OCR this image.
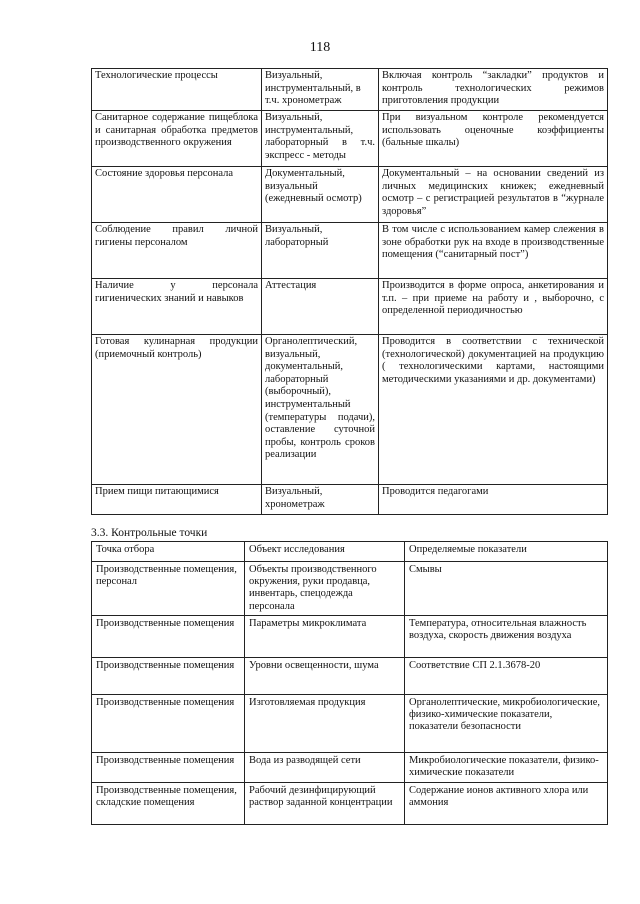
118
Технологические процессы	Визуальный, инструментальный, в т.ч. хронометраж	Включая контроль “закладки” продуктов и контроль технологических режимов приготовления продукции
Санитарное содержание пищеблока и санитарная обработка предметов производственного окружения	Визуальный, инструментальный, лабораторный в т.ч. экспресс - методы	При визуальном контроле рекомендуется использовать оценочные коэффициенты (бальные шкалы)
Состояние здоровья персонала	Документальный, визуальный (ежедневный осмотр)	Документальный – на основании сведений из личных медицинских книжек; ежедневный осмотр – с регистрацией результатов в “журнале здоровья”
Соблюдение правил личной гигиены персоналом	Визуальный, лабораторный	В том числе с использованием камер слежения в зоне обработки рук на входе в производственные помещения (“санитарный пост”)
Наличие у персонала гигиенических знаний и навыков	Аттестация	Производится в форме опроса, анкетирования и т.п. – при приеме на работу и , выборочно, с определенной периодичностью
Готовая кулинарная продукции (приемочный контроль)	Органолептический, визуальный, документальный, лабораторный (выборочный), инструментальный (температуры подачи), оставление суточной пробы, контроль сроков реализации	Проводится в соответствии с технической (технологической) документацией на продукцию ( технологическими картами, настоящими методическими указаниями и др. документами)
Прием пищи питающимися	Визуальный, хронометраж	Проводится педагогами
3.3. Контрольные точки
Точка отбора	Объект исследования	Определяемые показатели
Производственные помещения, персонал	Объекты производственного окружения, руки продавца, инвентарь, спецодежда персонала	Смывы
Производственные помещения	Параметры микроклимата	Температура, относительная влажность воздуха, скорость движения воздуха
Производственные помещения	Уровни освещенности, шума	Соответствие СП 2.1.3678-20
Производственные помещения	Изготовляемая продукция	Органолептические, микробиологические, физико-химические показатели, показатели безопасности
Производственные помещения	Вода из разводящей сети	Микробиологические показатели, физико-химические показатели
Производственные помещения, складские помещения	Рабочий дезинфицирующий раствор заданной концентрации	Содержание ионов активного хлора или аммония
